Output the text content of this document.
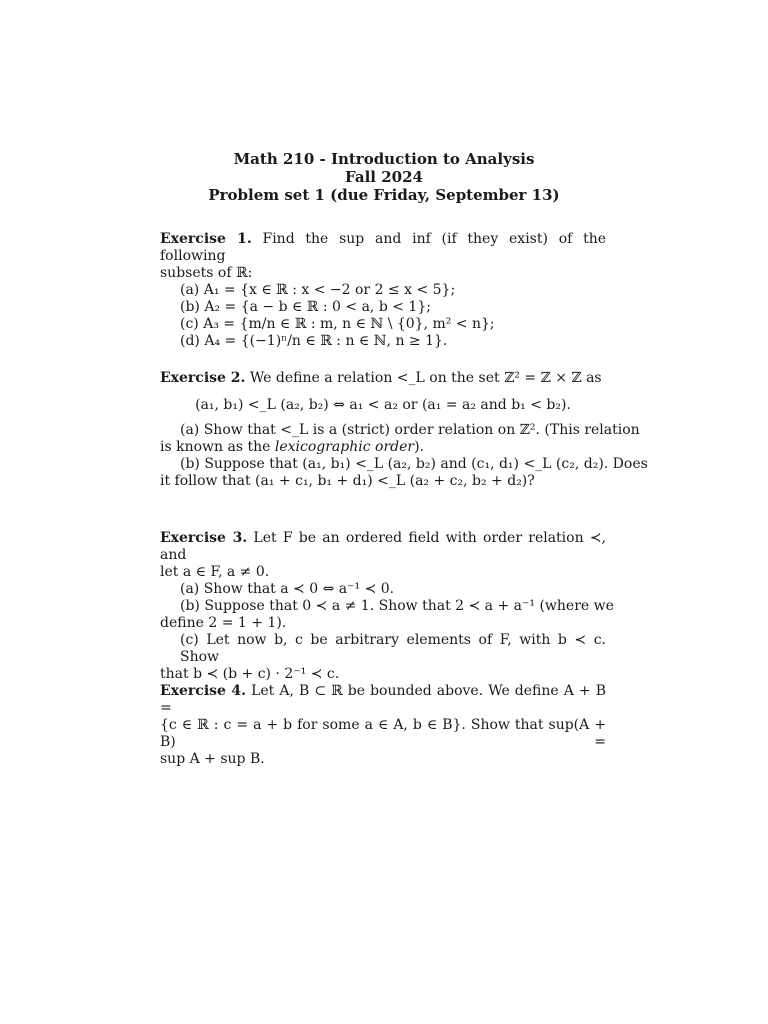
Math 210 - Introduction to Analysis
Fall 2024
Problem set 1 (due Friday, September 13)
Exercise 1. Find the sup and inf (if they exist) of the following
subsets of ℝ:
(a) A₁ = {x ∈ ℝ : x < −2 or 2 ≤ x < 5};
(b) A₂ = {a − b ∈ ℝ : 0 < a, b < 1};
(c) A₃ = {m/n ∈ ℝ : m, n ∈ ℕ \ {0}, m² < n};
(d) A₄ = {(−1)ⁿ/n ∈ ℝ : n ∈ ℕ, n ≥ 1}.
Exercise 2. We define a relation <_L on the set ℤ² = ℤ × ℤ as
(a₁, b₁) <_L (a₂, b₂) ⇔ a₁ < a₂ or (a₁ = a₂ and b₁ < b₂).
(a) Show that <_L is a (strict) order relation on ℤ². (This relation
is known as the lexicographic order).
(b) Suppose that (a₁, b₁) <_L (a₂, b₂) and (c₁, d₁) <_L (c₂, d₂). Does
it follow that (a₁ + c₁, b₁ + d₁) <_L (a₂ + c₂, b₂ + d₂)?
Exercise 3. Let F be an ordered field with order relation ≺, and
let a ∈ F, a ≠ 0.
(a) Show that a ≺ 0 ⇔ a⁻¹ ≺ 0.
(b) Suppose that 0 ≺ a ≠ 1. Show that 2 ≺ a + a⁻¹ (where we
define 2 = 1 + 1).
(c) Let now b, c be arbitrary elements of F, with b ≺ c. Show
that b ≺ (b + c) · 2⁻¹ ≺ c.
Exercise 4. Let A, B ⊂ ℝ be bounded above. We define A + B =
{c ∈ ℝ : c = a + b for some a ∈ A, b ∈ B}. Show that sup(A + B) =
sup A + sup B.
